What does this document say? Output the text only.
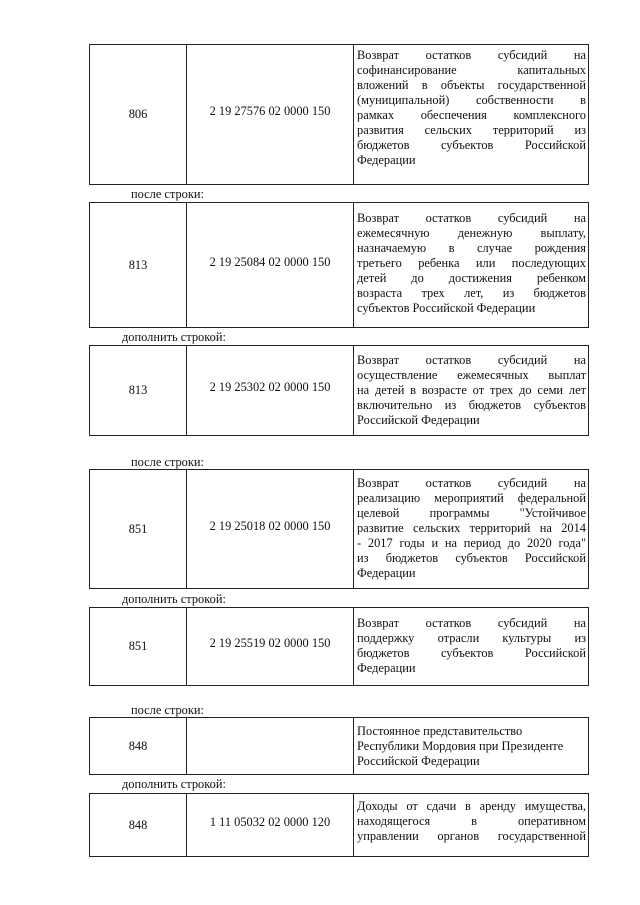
806	2 19 27576 02 0000 150
Возврат остатков субсидий на
софинансирование капитальных
вложений в объекты государственной
(муниципальной) собственности в
рамках обеспечения комплексного
развития сельских территорий из
бюджетов субъектов Российской
Федерации
после строки:
813	2 19 25084 02 0000 150
Возврат остатков субсидий на
ежемесячную денежную выплату,
назначаемую в случае рождения
третьего ребенка или последующих
детей до достижения ребенком
возраста трех лет, из бюджетов
субъектов Российской Федерации
дополнить строкой:
813	2 19 25302 02 0000 150
Возврат остатков субсидий на
осуществление ежемесячных выплат
на детей в возрасте от трех до семи лет
включительно из бюджетов субъектов
Российской Федерации
после строки:
851	2 19 25018 02 0000 150
Возврат остатков субсидий на
реализацию мероприятий федеральной
целевой программы "Устойчивое
развитие сельских территорий на 2014
- 2017 годы и на период до 2020 года"
из бюджетов субъектов Российской
Федерации
дополнить строкой:
851	2 19 25519 02 0000 150
Возврат остатков субсидий на
поддержку отрасли культуры из
бюджетов субъектов Российской
Федерации
после строки:
848
Постоянное представительство
Республики Мордовия при Президенте
Российской Федерации
дополнить строкой:
848	1 11 05032 02 0000 120
Доходы от сдачи в аренду имущества,
находящегося в оперативном
управлении органов государственной
